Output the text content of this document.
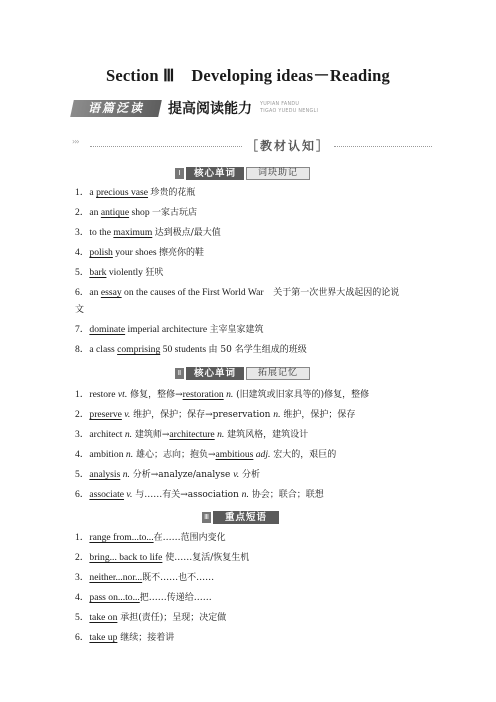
Section Ⅲ　Developing ideas－Reading
语篇泛读	提高阅读能力 YUPIAN FANDU
TIGAO YUEDU NENGLI
›››	［教材认知］
Ⅰ	核心单词	词块助记
1．a precious vase 珍贵的花瓶
2．an antique shop 一家古玩店
3．to the maximum 达到极点/最大值
4．polish your shoes 擦亮你的鞋
5．bark violently 狂吠
6．an essay on the causes of the First World War　关于第一次世界大战起因的论说
文
7．dominate imperial architecture 主宰皇家建筑
8．a class comprising 50 students 由 50 名学生组成的班级
Ⅱ	核心单词	拓展记忆
1．restore vt. 修复，整修→restoration n. (旧建筑或旧家具等的)修复，整修
2．preserve v. 维护，保护；保存→preservation n. 维护，保护；保存
3．architect n. 建筑师→architecture n. 建筑风格，建筑设计
4．ambition n. 雄心；志向；抱负→ambitious adj. 宏大的，艰巨的
5．analysis n. 分析→analyze/analyse v. 分析
6．associate v. 与……有关→association n. 协会；联合；联想
Ⅲ	重点短语
1．range from...to...在……范围内变化
2．bring... back to life 使……复活/恢复生机
3．neither...nor...既不……也不……
4．pass on...to...把……传递给……
5．take on 承担(责任)；呈现；决定做
6．take up 继续；接着讲
